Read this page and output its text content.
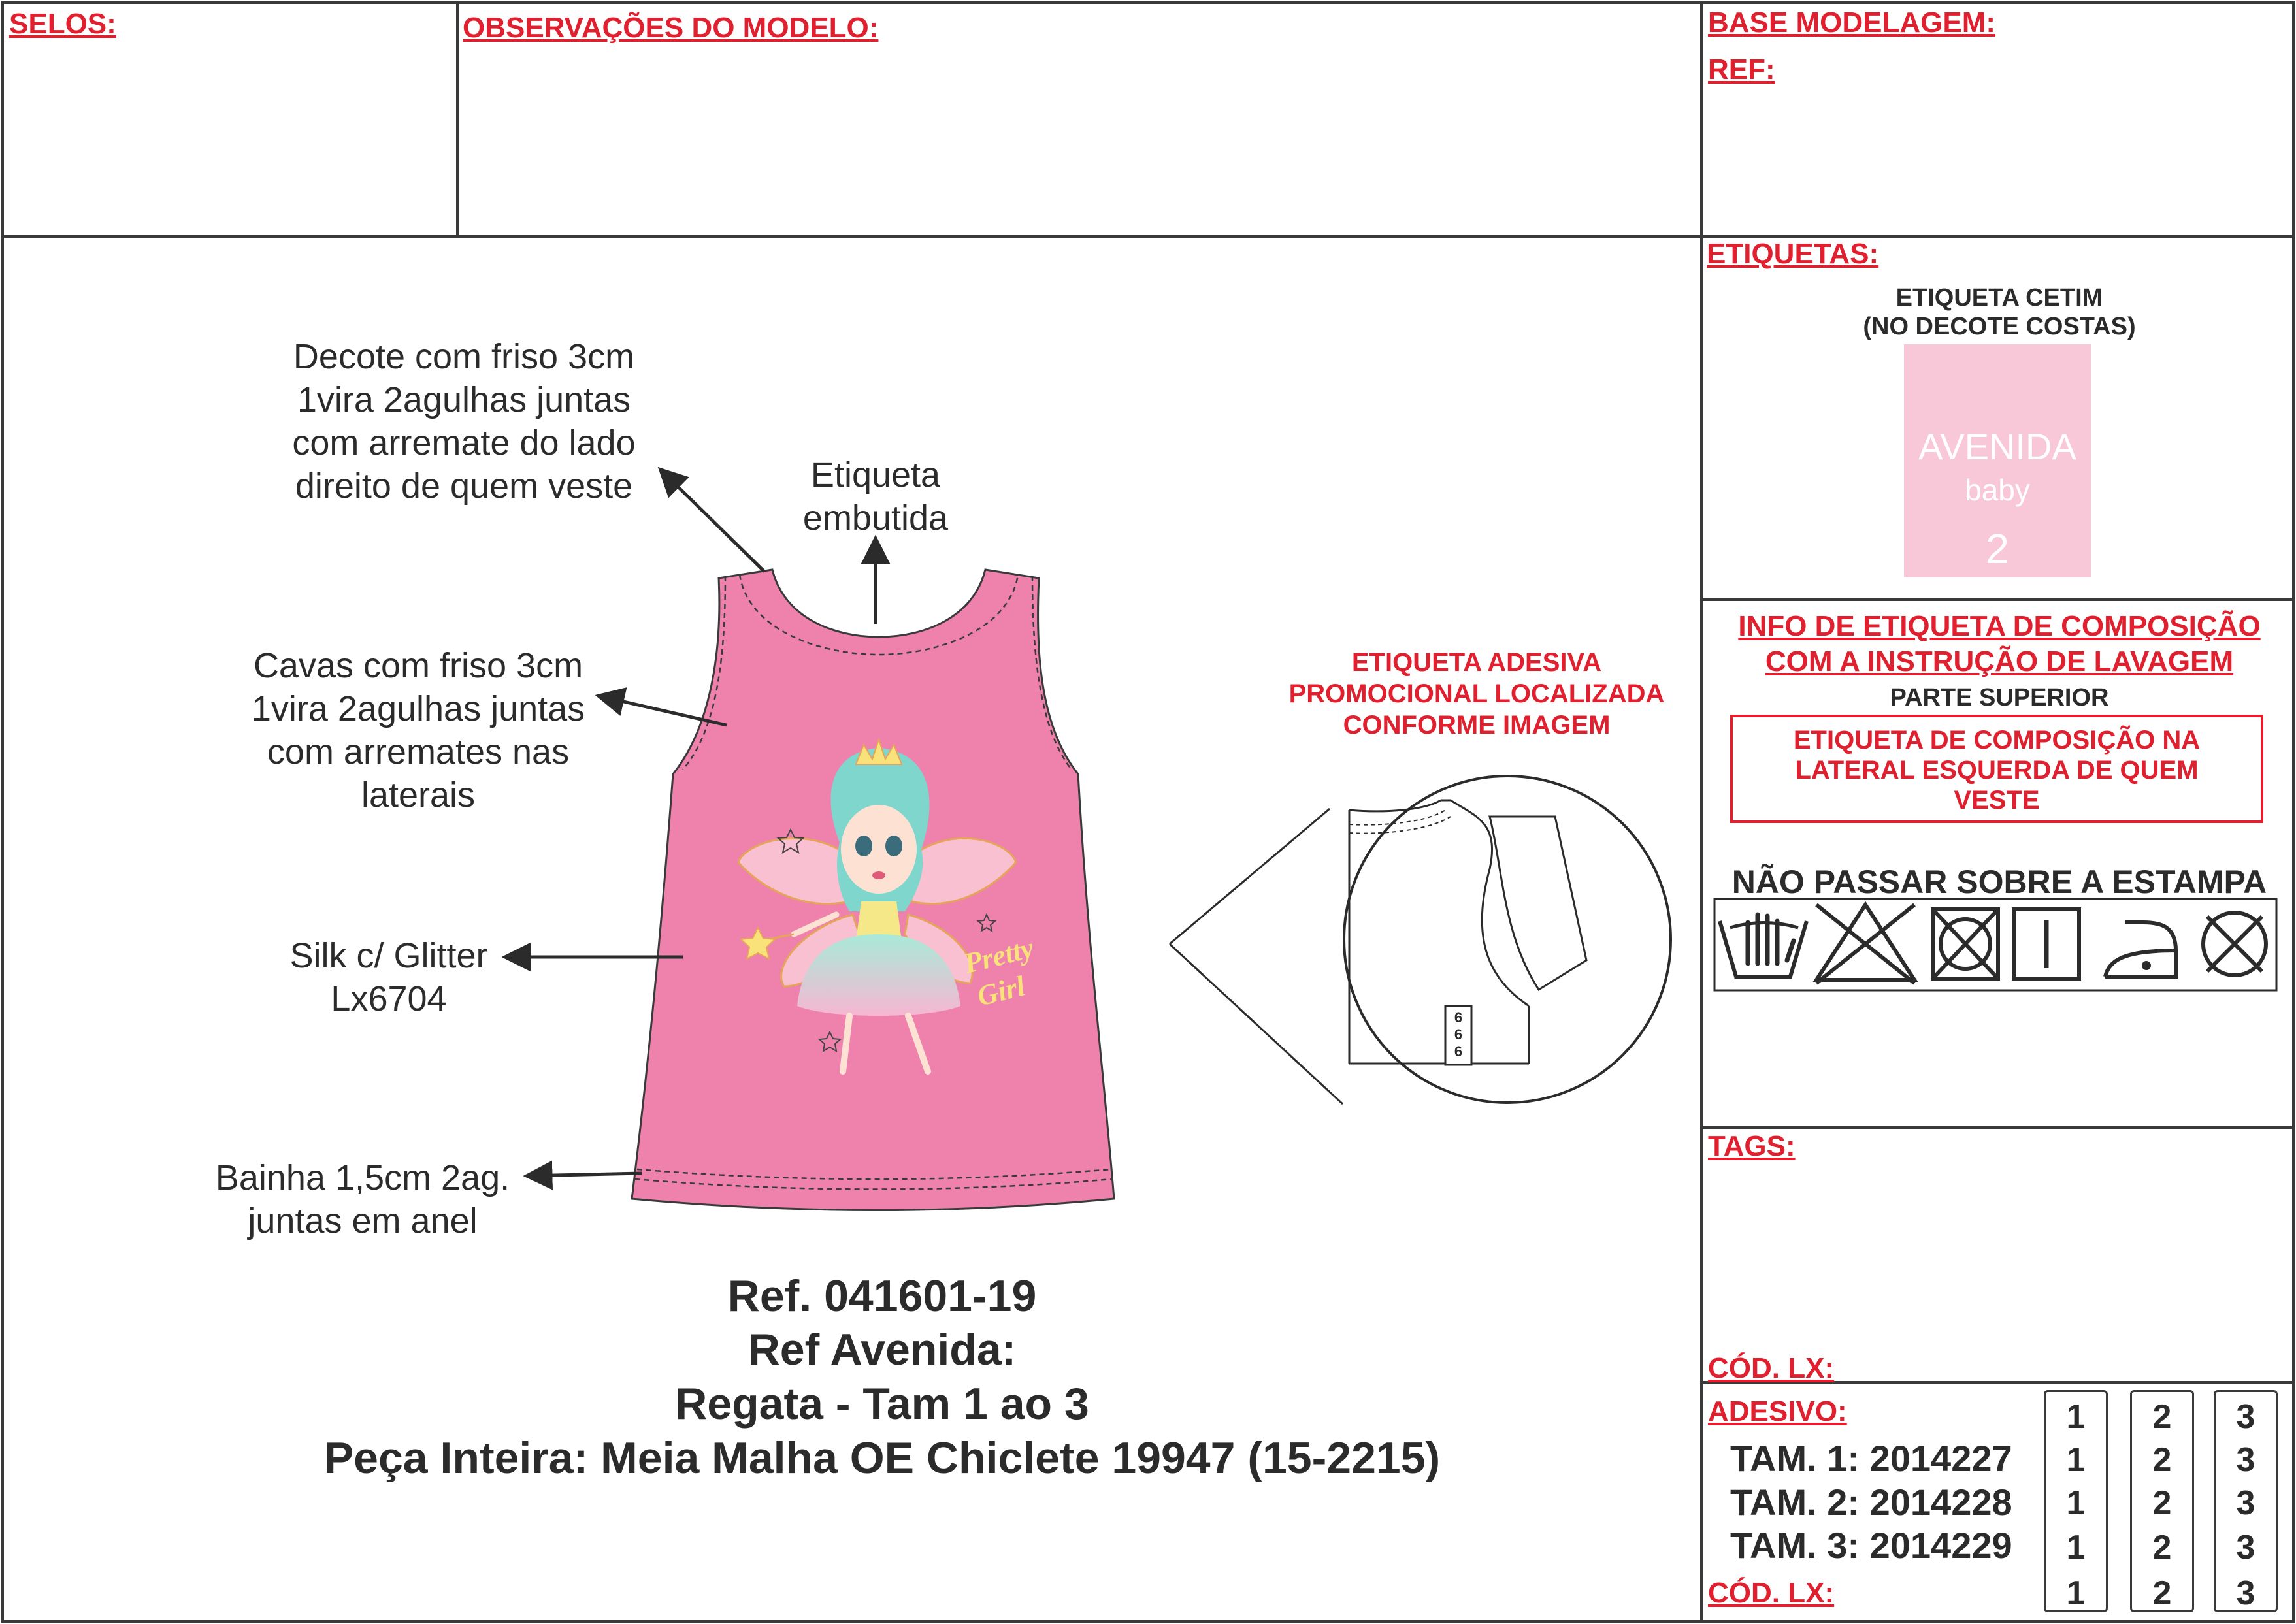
SELOS:	OBSERVAÇÕES DO MODELO:	BASE MODELAGEM:
REF:
Pretty
Girl
6
6
6
AVENIDA
baby
2
Decote com friso 3cm
1vira 2agulhas juntas
com arremate do lado
direito de quem veste	Etiqueta
embutida
Cavas com friso 3cm
1vira 2agulhas juntas
com arremates nas
laterais
Silk c/ Glitter
Lx6704
Bainha 1,5cm 2ag.
juntas em anel
ETIQUETA ADESIVA
PROMOCIONAL LOCALIZADA
CONFORME IMAGEM
Ref. 041601-19
Ref Avenida:
Regata - Tam 1 ao 3
Peça Inteira: Meia Malha OE Chiclete 19947 (15-2215)
ETIQUETAS:
ETIQUETA CETIM
(NO DECOTE COSTAS)
INFO DE ETIQUETA DE COMPOSIÇÃO
COM A INSTRUÇÃO DE LAVAGEM
PARTE SUPERIOR
ETIQUETA DE COMPOSIÇÃO NA
LATERAL ESQUERDA DE QUEM
VESTE
NÃO PASSAR SOBRE A ESTAMPA
TAGS:
CÓD. LX:
ADESIVO:
TAM. 1: 2014227
TAM. 2: 2014228
TAM. 3: 2014229
CÓD. LX:
1
1
1
1
1
2
2
2
2
2
3
3
3
3
3
